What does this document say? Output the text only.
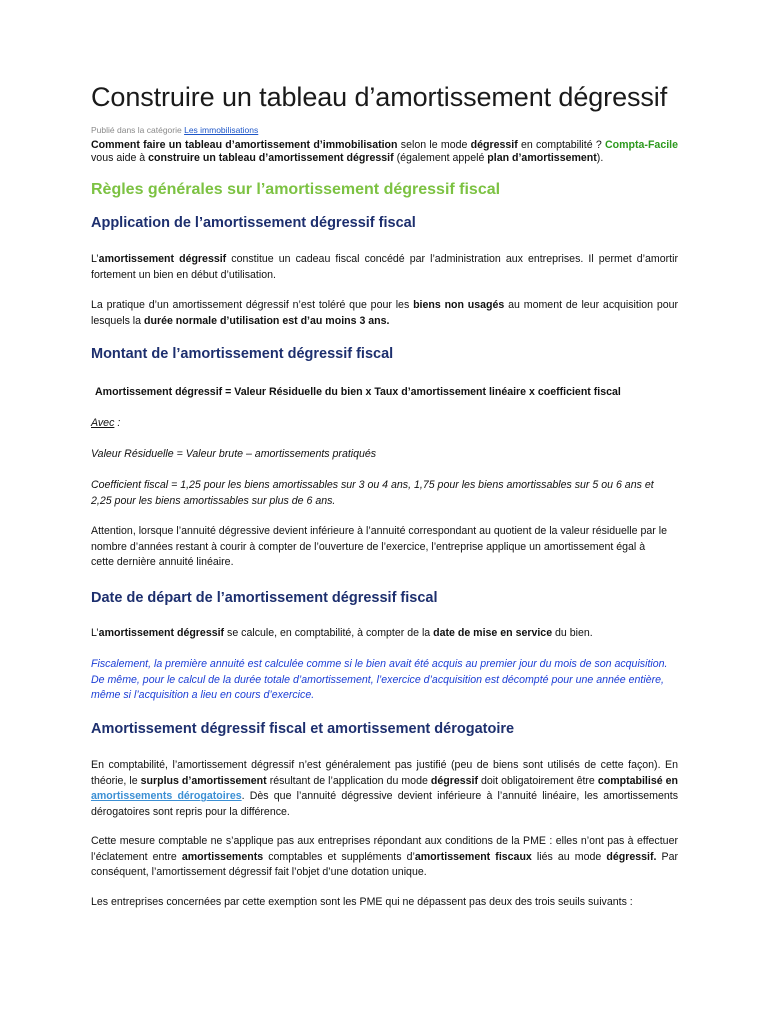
Construire un tableau d’amortissement dégressif
Publié dans la catégorie Les immobilisations

Comment faire un tableau d’amortissement d’immobilisation selon le mode dégressif en comptabilité ? Compta-Facile vous aide à construire un tableau d’amortissement dégressif (également appelé plan d’amortissement).

Règles générales sur l’amortissement dégressif fiscal
Application de l’amortissement dégressif fiscal

L’amortissement dégressif constitue un cadeau fiscal concédé par l’administration aux entreprises. Il permet d’amortir fortement un bien en début d’utilisation.

La pratique d’un amortissement dégressif n’est toléré que pour les biens non usagés au moment de leur acquisition pour lesquels la durée normale d’utilisation est d’au moins 3 ans.

Montant de l’amortissement dégressif fiscal

Amortissement dégressif = Valeur Résiduelle du bien x Taux d’amortissement linéaire x coefficient fiscal

Avec :

Valeur Résiduelle = Valeur brute – amortissements pratiqués

Coefficient fiscal = 1,25 pour les biens amortissables sur 3 ou 4 ans, 1,75 pour les biens amortissables sur 5 ou 6 ans et 2,25 pour les biens amortissables sur plus de 6 ans.

Attention, lorsque l’annuité dégressive devient inférieure à l’annuité correspondant au quotient de la valeur résiduelle par le nombre d’années restant à courir à compter de l’ouverture de l’exercice, l’entreprise applique un amortissement égal à cette dernière annuité linéaire.

Date de départ de l’amortissement dégressif fiscal

L’amortissement dégressif se calcule, en comptabilité, à compter de la date de mise en service du bien.

Fiscalement, la première annuité est calculée comme si le bien avait été acquis au premier jour du mois de son acquisition. De même, pour le calcul de la durée totale d’amortissement, l’exercice d’acquisition est décompté pour une année entière, même si l’acquisition a lieu en cours d’exercice.

Amortissement dégressif fiscal et amortissement dérogatoire

En comptabilité, l’amortissement dégressif n’est généralement pas justifié (peu de biens sont utilisés de cette façon). En théorie, le surplus d’amortissement résultant de l’application du mode dégressif doit obligatoirement être comptabilisé en amortissements dérogatoires. Dès que l’annuité dégressive devient inférieure à l’annuité linéaire, les amortissements dérogatoires sont repris pour la différence.

Cette mesure comptable ne s’applique pas aux entreprises répondant aux conditions de la PME : elles n’ont pas à effectuer l’éclatement entre amortissements comptables et suppléments d’amortissement fiscaux liés au mode dégressif. Par conséquent, l’amortissement dégressif fait l’objet d’une dotation unique.

Les entreprises concernées par cette exemption sont les PME qui ne dépassent pas deux des trois seuils suivants :
